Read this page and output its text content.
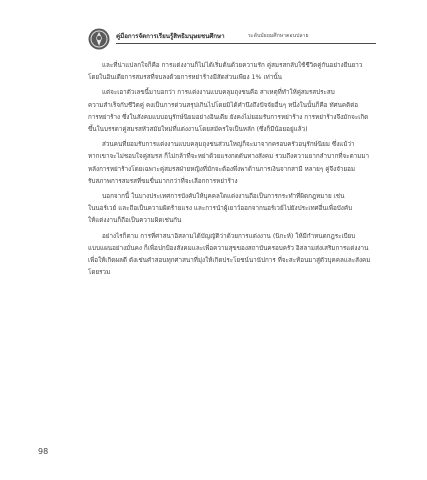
คู่มือการจัดการเรียนรู้สิทธิมนุษยชนศึกษา	ระดับมัธยมศึกษาตอนปลาย

และที่น่าแปลกใจก็คือ การแต่งงานก็ไม่ได้เริ่มต้นด้วยความรัก คู่สมรสกลับใช้ชีวิตคู่กันอย่างยืนยาว
โดยในอินเดียการสมรสที่จบลงด้วยการหย่าร้างมีสัดส่วนเพียง 1% เท่านั้น

แต่จะเอาตัวเลขนี้มาบอกว่า การแต่งงานแบบคลุมถุงชนคือ สาเหตุที่ทำให้คู่สมรสประสบ
ความสำเร็จกับชีวิตคู่ คงเป็นการด่วนสรุปเกินไปโดยมิได้คำนึงถึงปัจจัยอื่นๆ หนึ่งในนั้นก็คือ ทัศนคติต่อ
การหย่าร้าง ซึ่งในสังคมแบบอนุรักษ์นิยมอย่างอินเดีย ยังคงไม่ยอมรับการหย่าร้าง การหย่าร้างจึงมักจะเกิด
ขึ้นในบรรดาคู่สมรสหัวสมัยใหม่ที่แต่งงานโดยสมัครใจเป็นหลัก (ซึ่งก็มีน้อยอยู่แล้ว)

ส่วนคนที่ยอมรับการแต่งงานแบบคลุมถุงชนส่วนใหญ่ก็จะมาจากครอบครัวอนุรักษ์นิยม ซึ่งแม้ว่า
หากเขาจะไม่ชอบใจคู่สมรส ก็ไม่กล้าที่จะหย่าด้วยแรงกดดันทางสังคม รวมถึงความยากลำบากที่จะตามมา
หลังการหย่าร้างโดยเฉพาะคู่สมรสฝ่ายหญิงที่มักจะต้องพึ่งพาด้านการเงินจากสามี หลายๆ คู่จึงจำยอม
รับสภาพการสมรสที่ขมขื่นมากกว่าที่จะเลือกการหย่าร้าง

นอกจากนี้ ในบางประเทศการบังคับให้บุคคลใดแต่งงานถือเป็นการกระทำที่ผิดกฎหมาย เช่น
ในนอร์เวย์ และถือเป็นความผิดร้ายแรง และการนำผู้เยาว์ออกจากนอร์เวย์ไปยังประเทศอื่นเพื่อบังคับ
ให้แต่งงานก็ถือเป็นความผิดเช่นกัน

อย่างไรก็ตาม การที่ศาสนาอิสลามได้บัญญัติว่าด้วยการแต่งงาน (นิกะห์) ให้มีกำหนดกฎระเบียบ
แบบแผนอย่างมั่นคง ก็เพื่อปกป้องสังคมและเพื่อความสุขของสถาบันครอบครัว อิสลามส่งเสริมการแต่งงาน
เพื่อให้เกิดผลดี ดังเช่นคำสอนทุกศาสนาที่มุ่งให้เกิดประโยชน์นานัปการ ที่จะสะท้อนมาสู่ตัวบุคคลและสังคม
โดยรวม

98
